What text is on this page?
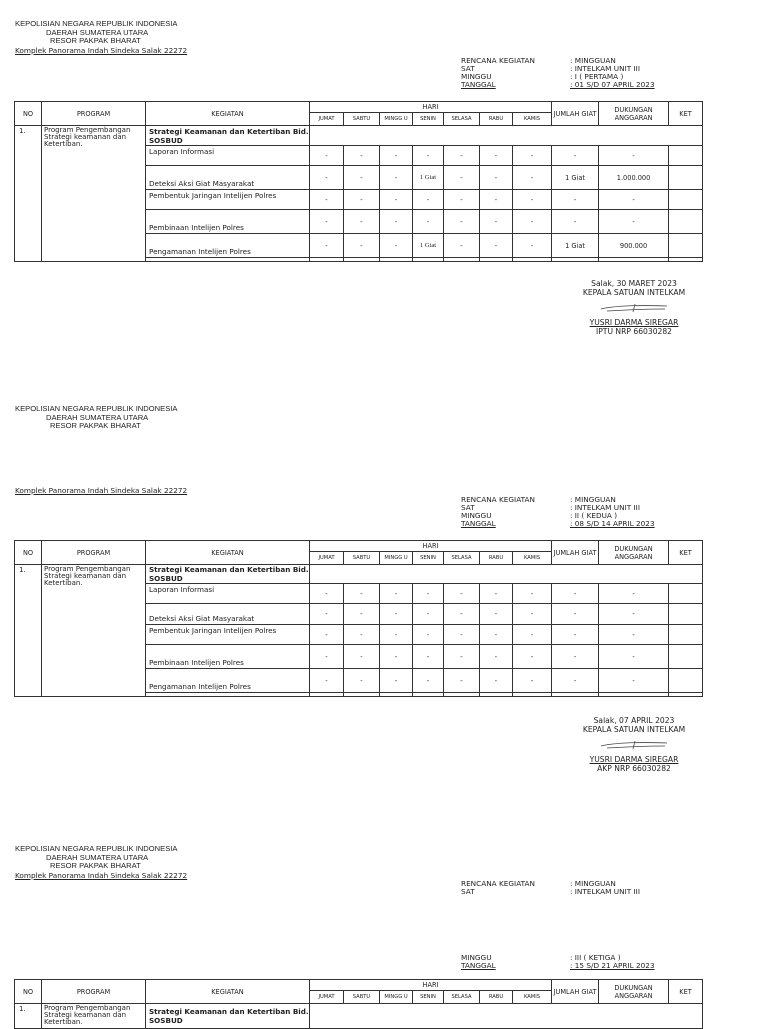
KEPOLISIAN NEGARA REPUBLIK INDONESIA
DAERAH SUMATERA UTARA
RESOR PAKPAK BHARAT
Komplek Panorama Indah Sindeka Salak 22272
RENCANA KEGIATAN	: MINGGUAN
SAT	: INTELKAM UNIT III
MINGGU	: I ( PERTAMA )
TANGGAL	: 01 S/D 07 APRIL 2023
NO	PROGRAM	KEGIATAN	HARI							JUMLAH GIAT	DUKUNGAN ANGGARAN	KET
			JUMAT	SABTU	MINGG U	SENIN	SELASA	RABU	KAMIS			
1.	Program Pengembangan Strategi keamanan dan Ketertiban.	Strategi Keamanan dan Ketertiban Bid. SOSBUD										
		Laporan Informasi	-	-	-	-	-	-	-	-	-	
		Deteksi Aksi Giat Masyarakat	-	-	-	1 Giat	-	-	-	1 Giat	1.000.000	
		Pembentuk Jaringan Intelijen Polres	-	-	-	-	-	-	-	-	-	
		Pembinaan Intelijen Polres	-	-	-	-	-	-	-	-	-	
		Pengamanan Intelijen Polres	-	-	-	1 Giat	-	-	-	1 Giat	900.000	

Salak, 30 MARET 2023
KEPALA SATUAN INTELKAM
YUSRI DARMA SIREGAR
IPTU NRP 66030282
KEPOLISIAN NEGARA REPUBLIK INDONESIA
DAERAH SUMATERA UTARA
RESOR PAKPAK BHARAT
Komplek Panorama Indah Sindeka Salak 22272
RENCANA KEGIATAN	: MINGGUAN
SAT	: INTELKAM UNIT III
MINGGU	: II ( KEDUA )
TANGGAL	: 08 S/D 14 APRIL 2023
NO	PROGRAM	KEGIATAN	HARI							JUMLAH GIAT	DUKUNGAN ANGGARAN	KET
			JUMAT	SABTU	MINGG U	SENIN	SELASA	RABU	KAMIS			
1.	Program Pengembangan Strategi keamanan dan Ketertiban.	Strategi Keamanan dan Ketertiban Bid. SOSBUD										
		Laporan Informasi	-	-	-	-	-	-	-	-	-	
		Deteksi Aksi Giat Masyarakat	-	-	-	-	-	-	-	-	-	
		Pembentuk Jaringan Intelijen Polres	-	-	-	-	-	-	-	-	-	
		Pembinaan Intelijen Polres	-	-	-	-	-	-	-	-	-	
		Pengamanan Intelijen Polres	-	-	-	-	-	-	-	-	-	

Salak, 07 APRIL 2023
KEPALA SATUAN INTELKAM
YUSRI DARMA SIREGAR
AKP NRP 66030282
KEPOLISIAN NEGARA REPUBLIK INDONESIA
DAERAH SUMATERA UTARA
RESOR PAKPAK BHARAT
Komplek Panorama Indah Sindeka Salak 22272
RENCANA KEGIATAN	: MINGGUAN
SAT	: INTELKAM UNIT III
MINGGU	: III ( KETIGA )
TANGGAL	: 15 S/D 21 APRIL 2023
NO	PROGRAM	KEGIATAN	HARI							JUMLAH GIAT	DUKUNGAN ANGGARAN	KET
			JUMAT	SABTU	MINGG U	SENIN	SELASA	RABU	KAMIS			
1.	Program Pengembangan Strategi keamanan dan Ketertiban.	Strategi Keamanan dan Ketertiban Bid. SOSBUD										
